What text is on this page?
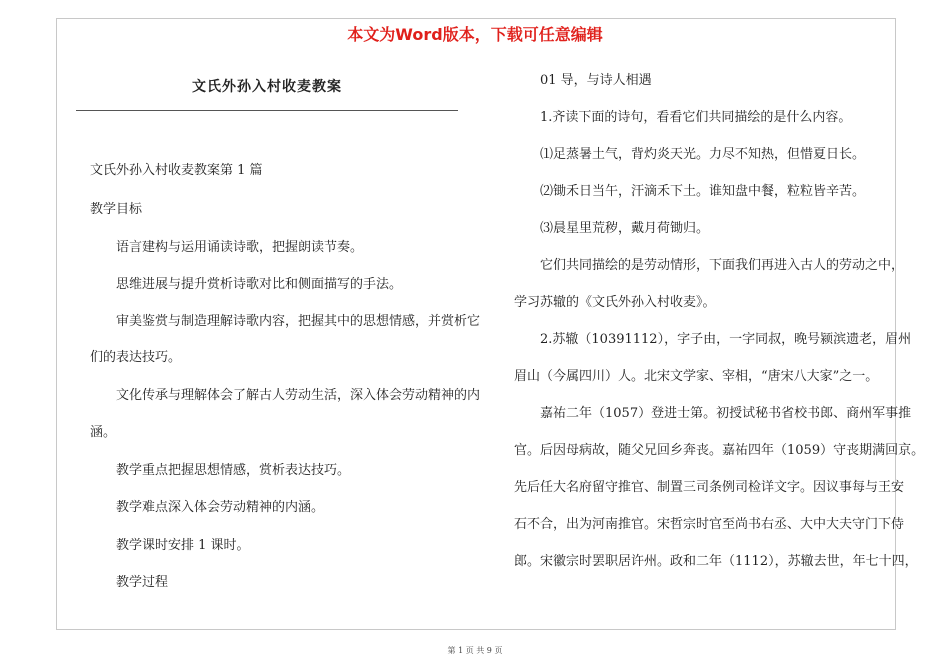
本文为Word版本，下载可任意编辑
文氏外孙入村收麦教案
文氏外孙入村收麦教案第 1 篇
教学目标
语言建构与运用诵读诗歌，把握朗读节奏。
思维进展与提升赏析诗歌对比和侧面描写的手法。
审美鉴赏与制造理解诗歌内容，把握其中的思想情感，并赏析它
们的表达技巧。
文化传承与理解体会了解古人劳动生活，深入体会劳动精神的内
涵。
教学重点把握思想情感，赏析表达技巧。
教学难点深入体会劳动精神的内涵。
教学课时安排 1 课时。
教学过程
01 导，与诗人相遇
1.齐读下面的诗句，看看它们共同描绘的是什么内容。
⑴足蒸暑土气，背灼炎天光。力尽不知热，但惜夏日长。
⑵锄禾日当午，汗滴禾下土。谁知盘中餐，粒粒皆辛苦。
⑶晨星里荒秽，戴月荷锄归。
它们共同描绘的是劳动情形，下面我们再进入古人的劳动之中，
学习苏辙的《文氏外孙入村收麦》。
2.苏辙（10391112），字子由，一字同叔，晚号颍滨遗老，眉州
眉山（今属四川）人。北宋文学家、宰相，“唐宋八大家”之一。
嘉祐二年（1057）登进士第。初授试秘书省校书郎、商州军事推
官。后因母病故，随父兄回乡奔丧。嘉祐四年（1059）守丧期满回京。
先后任大名府留守推官、制置三司条例司检详文字。因议事每与王安
石不合，出为河南推官。宋哲宗时官至尚书右丞、大中大夫守门下侍
郎。宋徽宗时罢职居许州。政和二年（1112），苏辙去世，年七十四，
第 1 页 共 9 页
